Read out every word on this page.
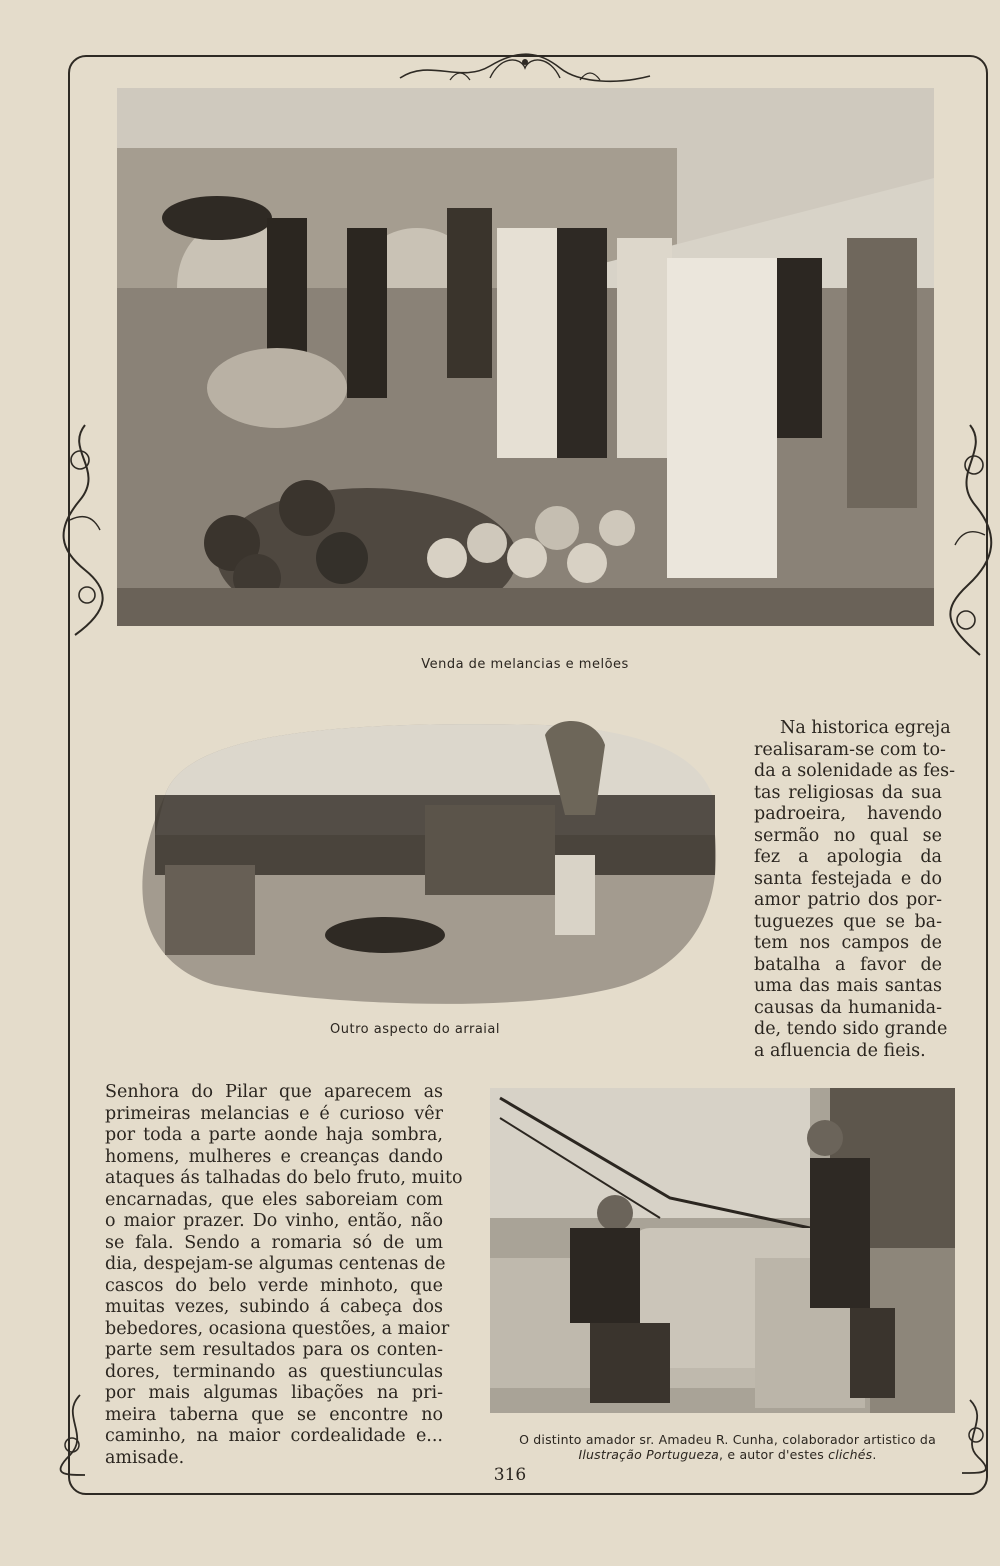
Venda de melancias e melões
Outro aspecto do arraial
Na historica egreja
realisaram-se com to-
da a solenidade as fes-
tas religiosas da sua
padroeira, havendo
sermão no qual se
fez a apologia da
santa festejada e do
amor patrio dos por-
tuguezes que se ba-
tem nos campos de
batalha a favor de
uma das mais santas
causas da humanida-
de, tendo sido grande
a afluencia de fieis.
Senhora do Pilar que aparecem as
primeiras melancias e é curioso vêr
por toda a parte aonde haja sombra,
homens, mulheres e creanças dando
ataques ás talhadas do belo fruto, muito
encarnadas, que eles saboreiam com
o maior prazer. Do vinho, então, não
se fala. Sendo a romaria só de um
dia, despejam-se algumas centenas de
cascos do belo verde minhoto, que
muitas vezes, subindo á cabeça dos
bebedores, ocasiona questões, a maior
parte sem resultados para os conten-
dores, terminando as questiunculas
por mais algumas libações na pri-
meira taberna que se encontre no
caminho, na maior cordealidade e...
amisade.
O distinto amador sr. Amadeu R. Cunha, colaborador artistico da
Ilustração Portugueza, e autor d'estes clichés.
316
